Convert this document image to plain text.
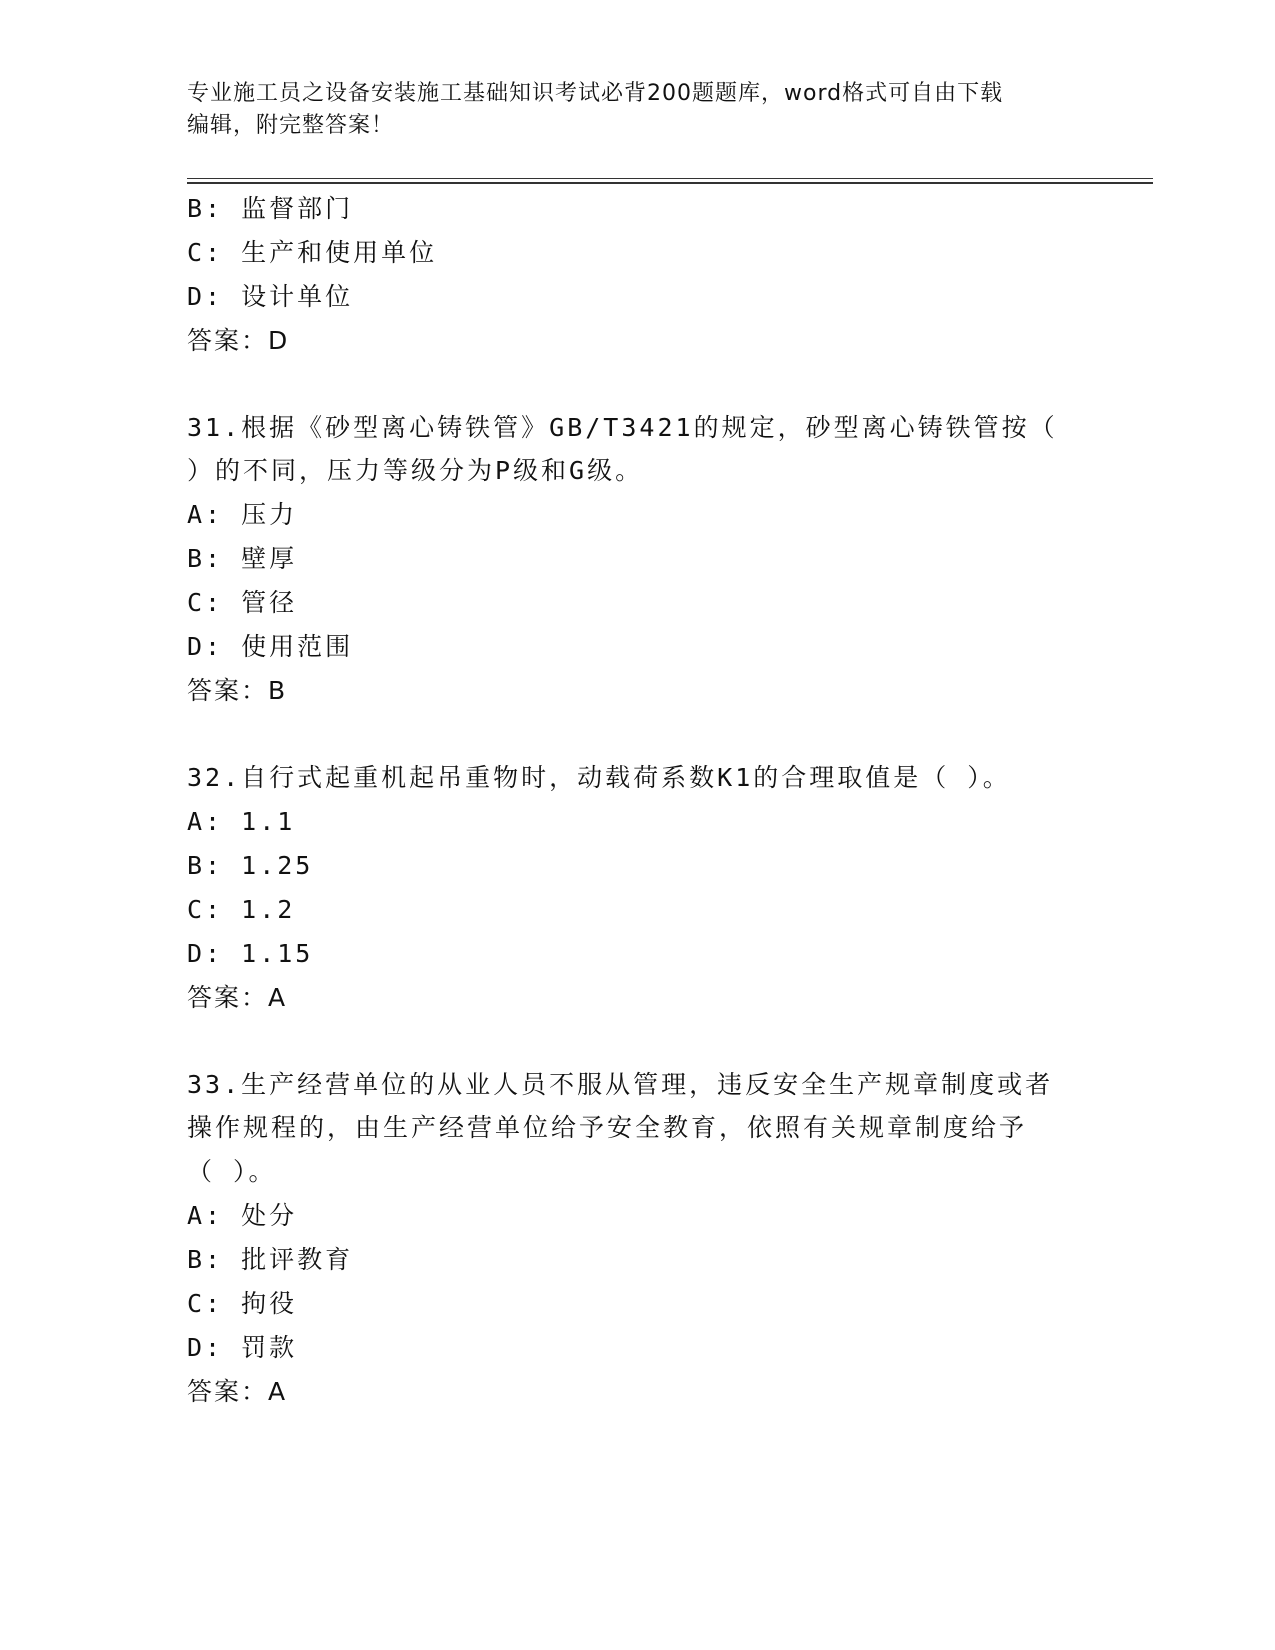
专业施工员之设备安装施工基础知识考试必背200题题库，word格式可自由下载
编辑，附完整答案！
B: 监督部门
C: 生产和使用单位
D: 设计单位
答案：D
31.根据《砂型离心铸铁管》GB/T3421的规定，砂型离心铸铁管按（
）的不同，压力等级分为P级和G级。
A: 压力
B: 壁厚
C: 管径
D: 使用范围
答案：B
32.自行式起重机起吊重物时，动载荷系数K1的合理取值是（ ）。
A: 1.1
B: 1.25
C: 1.2
D: 1.15
答案：A
33.生产经营单位的从业人员不服从管理，违反安全生产规章制度或者
操作规程的，由生产经营单位给予安全教育，依照有关规章制度给予
（ ）。
A: 处分
B: 批评教育
C: 拘役
D: 罚款
答案：A
